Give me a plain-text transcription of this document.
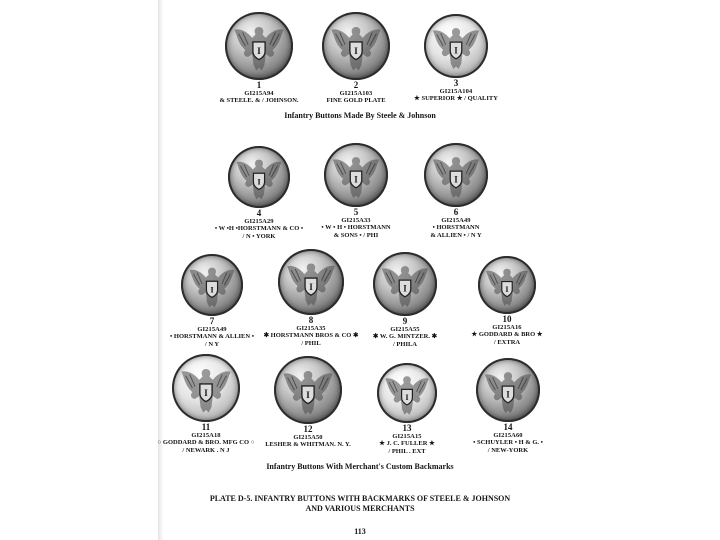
1
GI215A94
& STEELE. & / JOHNSON.
2
GI215A103
FINE GOLD PLATE
3
GI215A104
★ SUPERIOR ★ / QUALITY
Infantry Buttons Made By Steele & Johnson
4
GI215A29
• W •H •HORSTMANN & CO •
/ N • YORK
5
GI215A33
• W • H • HORSTMANN
& SONS • / PHI
6
GI215A49
• HORSTMANN
& ALLIEN • / N Y
7
GI215A49
• HORSTMANN & ALLIEN •
/ N Y
8
GI215A35
✱ HORSTMANN BROS & CO ✱
/ PHIL
9
GI215A55
✱ W. G. MINTZER. ✱
/ PHILA
10
GI215A16
★ GODDARD & BRO ★
/ EXTRA
11
GI215A18
○ GODDARD & BRO. MFG CO ○
/ NEWARK . N J
12
GI215A50
LESHER & WHITMAN. N. Y.
13
GI215A15
★ J. C. FULLER ★
/ PHIL . EXT
14
GI215A60
• SCHUYLER • H & G. •
/ NEW-YORK
Infantry Buttons With Merchant's Custom Backmarks
PLATE D-5. INFANTRY BUTTONS WITH BACKMARKS OF STEELE & JOHNSON
AND VARIOUS MERCHANTS
113
